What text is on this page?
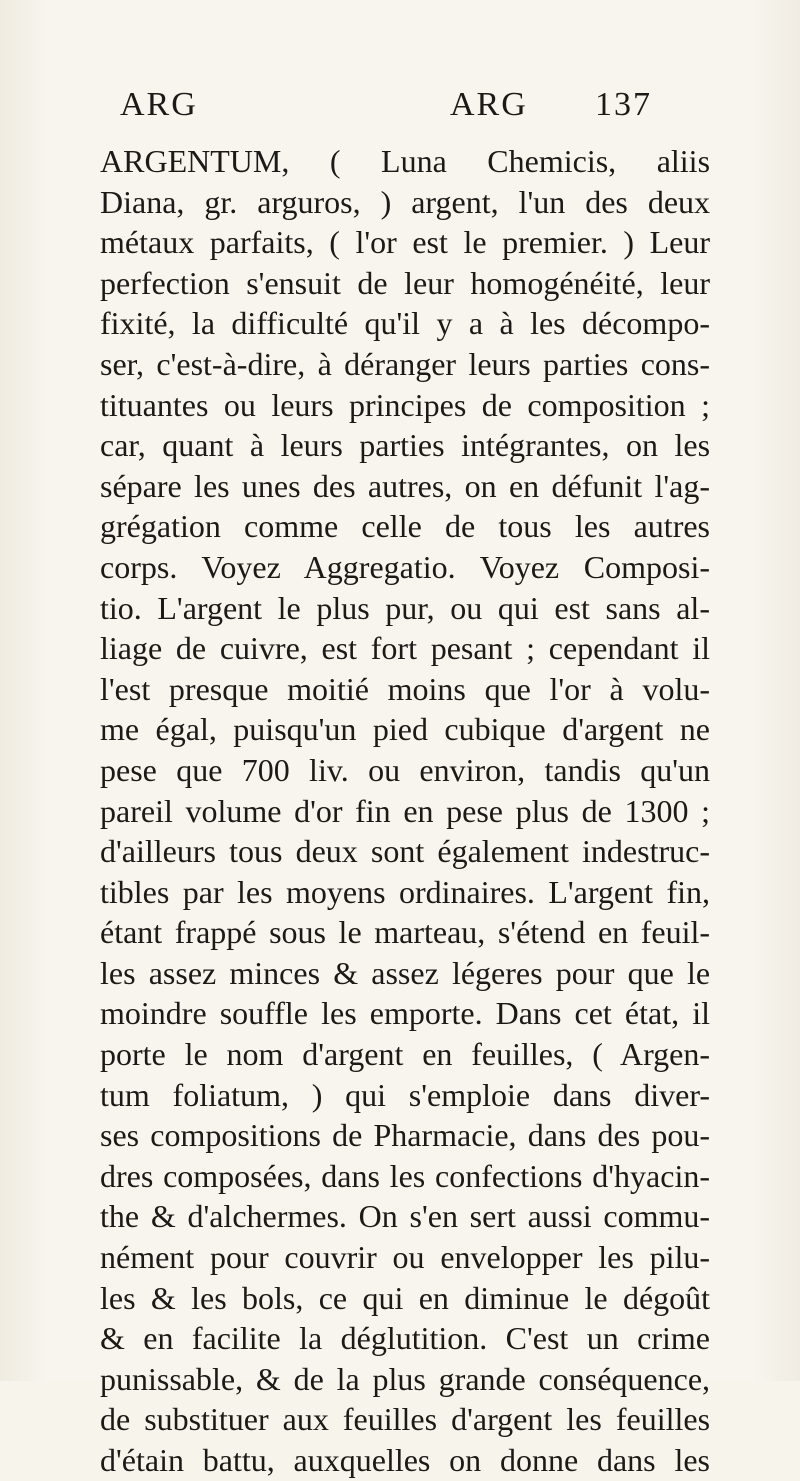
ARG	ARG 137
ARGENTUM, ( Luna Chemicis, aliis
Diana, gr. arguros, ) argent, l'un des deux
métaux parfaits, ( l'or est le premier. ) Leur
perfection s'ensuit de leur homogénéité, leur
fixité, la difficulté qu'il y a à les décompo-
ser, c'est-à-dire, à déranger leurs parties cons-
tituantes ou leurs principes de composition ;
car, quant à leurs parties intégrantes, on les
sépare les unes des autres, on en défunit l'ag-
grégation comme celle de tous les autres
corps. Voyez Aggregatio. Voyez Composi-
tio. L'argent le plus pur, ou qui est sans al-
liage de cuivre, est fort pesant ; cependant il
l'est presque moitié moins que l'or à volu-
me égal, puisqu'un pied cubique d'argent ne
pese que 700 liv. ou environ, tandis qu'un
pareil volume d'or fin en pese plus de 1300 ;
d'ailleurs tous deux sont également indestruc-
tibles par les moyens ordinaires. L'argent fin,
étant frappé sous le marteau, s'étend en feuil-
les assez minces & assez légeres pour que le
moindre souffle les emporte. Dans cet état, il
porte le nom d'argent en feuilles, ( Argen-
tum foliatum, ) qui s'emploie dans diver-
ses compositions de Pharmacie, dans des pou-
dres composées, dans les confections d'hyacin-
the & d'alchermes. On s'en sert aussi commu-
nément pour couvrir ou envelopper les pilu-
les & les bols, ce qui en diminue le dégoût
& en facilite la déglutition. C'est un crime
punissable, & de la plus grande conséquence,
de substituer aux feuilles d'argent les feuilles
d'étain battu, auxquelles on donne dans les
